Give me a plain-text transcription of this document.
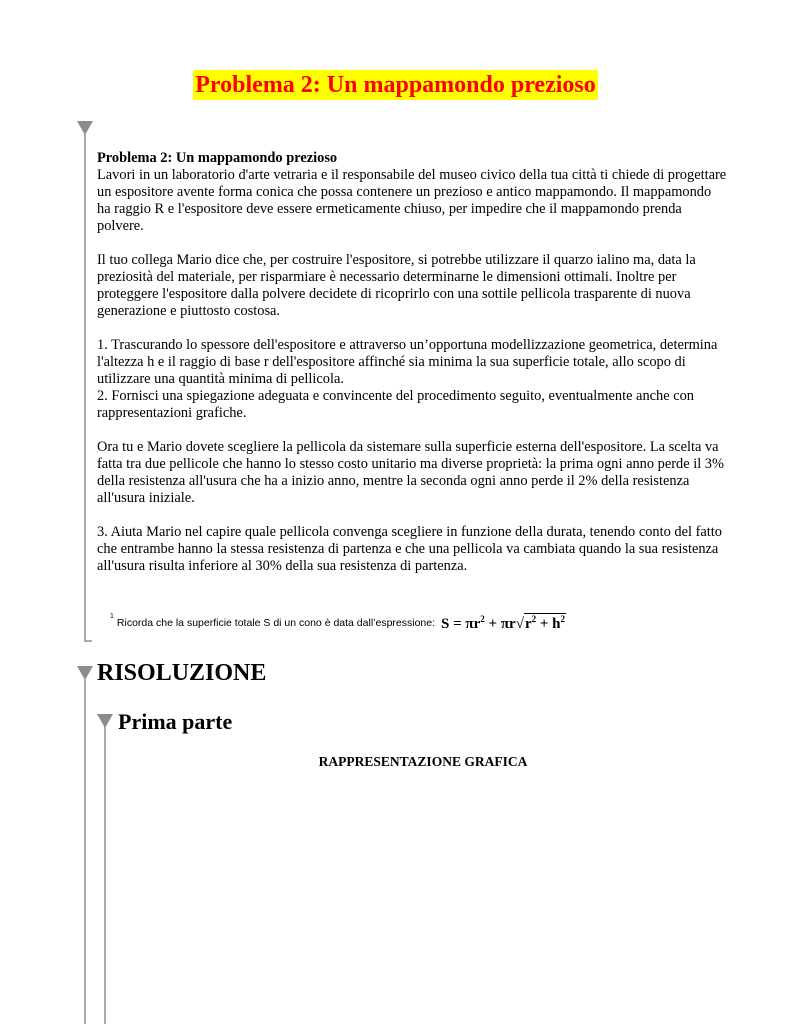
Problema 2: Un mappamondo prezioso
Problema 2: Un mappamondo prezioso

Lavori in un laboratorio d'arte vetraria e il responsabile del museo civico della tua città ti chiede di progettare un espositore avente forma conica che possa contenere un prezioso e antico mappamondo. Il mappamondo ha raggio R e l'espositore deve essere ermeticamente chiuso, per impedire che il mappamondo prenda polvere.

Il tuo collega Mario dice che, per costruire l'espositore, si potrebbe utilizzare il quarzo ialino ma, data la preziosità del materiale, per risparmiare è necessario determinarne le dimensioni ottimali. Inoltre per proteggere l'espositore dalla polvere decidete di ricoprirlo con una sottile pellicola trasparente di nuova generazione e piuttosto costosa.

1. Trascurando lo spessore dell'espositore e attraverso un’opportuna modellizzazione geometrica, determina l'altezza h e il raggio di base r dell'espositore affinché sia minima la sua superficie totale, allo scopo di utilizzare una quantità minima di pellicola.

2. Fornisci una spiegazione adeguata e convincente del procedimento seguito, eventualmente anche con rappresentazioni grafiche.

Ora tu e Mario dovete scegliere la pellicola da sistemare sulla superficie esterna dell'espositore. La scelta va fatta tra due pellicole che hanno lo stesso costo unitario ma diverse proprietà: la prima ogni anno perde il 3% della resistenza all'usura che ha a inizio anno, mentre la seconda ogni anno perde il 2% della resistenza all'usura iniziale.

3. Aiuta Mario nel capire quale pellicola convenga scegliere in funzione della durata, tenendo conto del fatto che entrambe hanno la stessa resistenza di partenza e che una pellicola va cambiata quando la sua resistenza all'usura risulta inferiore al 30% della sua resistenza di partenza.

1
Ricorda che la superficie totale S di un cono è data dall’espressione: $S = \pi r^2 + \pi r√r^2 + h^2$
RISOLUZIONE
Prima parte
RAPPRESENTAZIONE GRAFICA
